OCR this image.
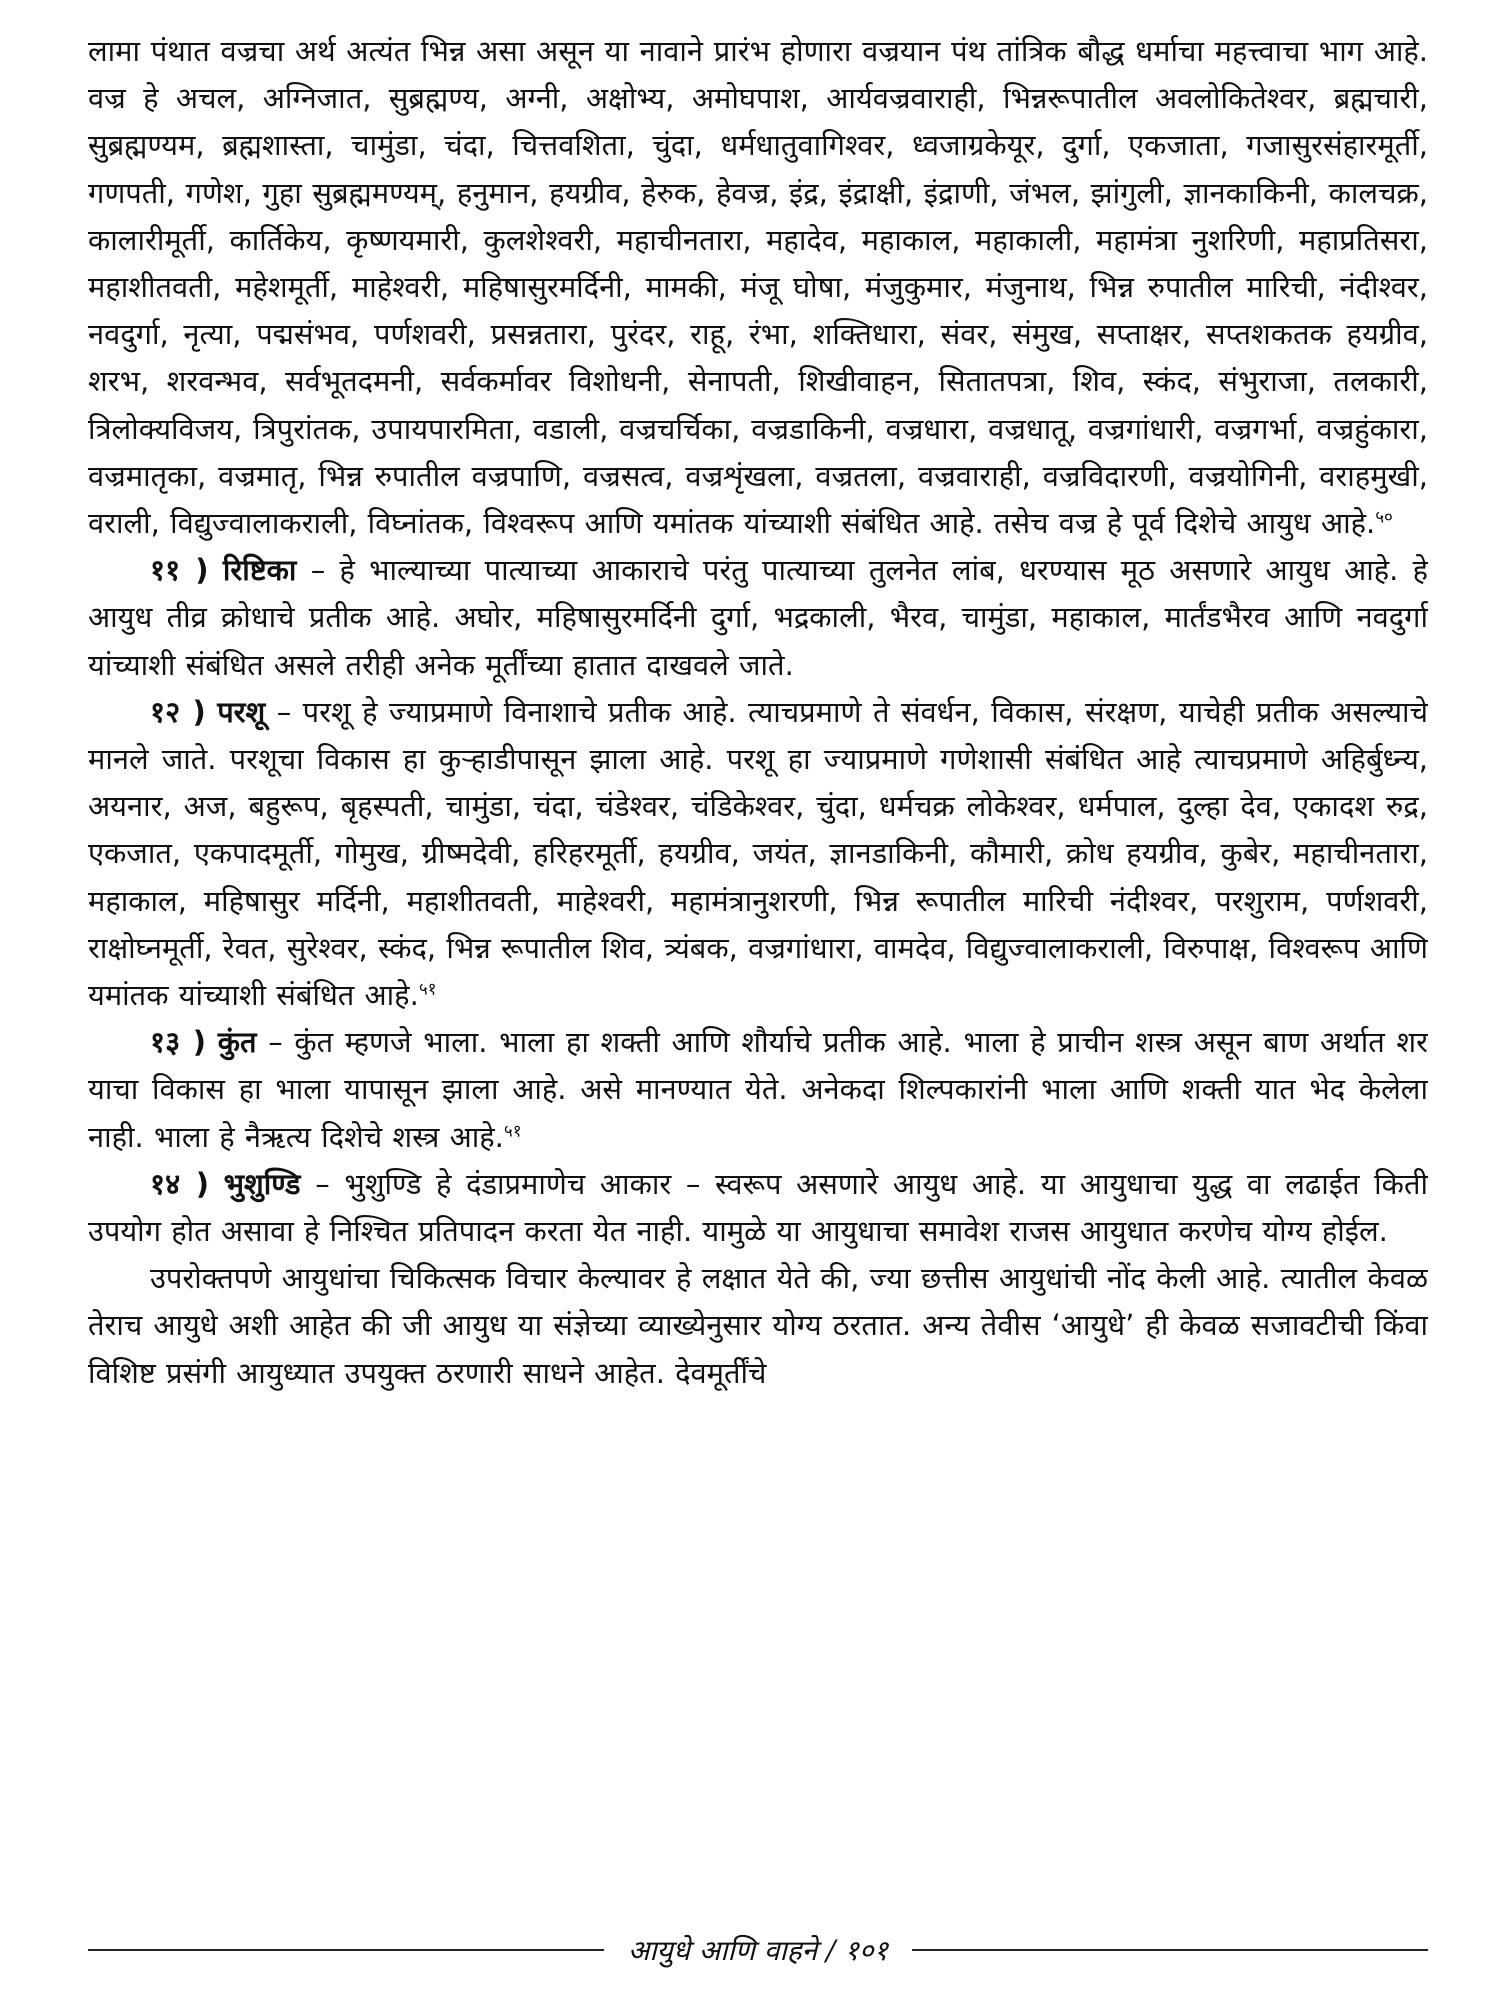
लामा पंथात वज्रचा अर्थ अत्यंत भिन्न असा असून या नावाने प्रारंभ होणारा वज्रयान पंथ तांत्रिक बौद्ध धर्माचा महत्त्वाचा भाग आहे. वज्र हे अचल, अग्निजात, सुब्रह्मण्य, अग्नी, अक्षोभ्य, अमोघपाश, आर्यवज्रवाराही, भिन्नरूपातील अवलोकितेश्वर, ब्रह्मचारी, सुब्रह्मण्यम, ब्रह्मशास्ता, चामुंडा, चंदा, चित्तवशिता, चुंदा, धर्मधातुवागिश्वर, ध्वजाग्रकेयूर, दुर्गा, एकजाता, गजासुरसंहारमूर्ती, गणपती, गणेश, गुहा सुब्रह्ममण्यम्, हनुमान, हयग्रीव, हेरुक, हेवज्र, इंद्र, इंद्राक्षी, इंद्राणी, जंभल, झांगुली, ज्ञानकाकिनी, कालचक्र, कालारीमूर्ती, कार्तिकेय, कृष्णयमारी, कुलशेश्वरी, महाचीनतारा, महादेव, महाकाल, महाकाली, महामंत्रा नुशरिणी, महाप्रतिसरा, महाशीतवती, महेशमूर्ती, माहेश्वरी, महिषासुरमर्दिनी, मामकी, मंजू घोषा, मंजुकुमार, मंजुनाथ, भिन्न रुपातील मारिची, नंदीश्वर, नवदुर्गा, नृत्या, पद्मसंभव, पर्णशवरी, प्रसन्नतारा, पुरंदर, राहू, रंभा, शक्तिधारा, संवर, संमुख, सप्ताक्षर, सप्तशकतक हयग्रीव, शरभ, शरवन्भव, सर्वभूतदमनी, सर्वकर्मावर विशोधनी, सेनापती, शिखीवाहन, सितातपत्रा, शिव, स्कंद, संभुराजा, तलकारी, त्रिलोक्यविजय, त्रिपुरांतक, उपायपारमिता, वडाली, वज्रचर्चिका, वज्रडाकिनी, वज्रधारा, वज्रधातू, वज्रगांधारी, वज्रगर्भा, वज्रहुंकारा, वज्रमातृका, वज्रमातृ, भिन्न रुपातील वज्रपाणि, वज्रसत्व, वज्रशृंखला, वज्रतला, वज्रवाराही, वज्रविदारणी, वज्रयोगिनी, वराहमुखी, वराली, विद्युज्वालाकराली, विघ्नांतक, विश्वरूप आणि यमांतक यांच्याशी संबंधित आहे. तसेच वज्र हे पूर्व दिशेचे आयुध आहे.$^{५०}$

११ ) रिष्टिका – हे भाल्याच्या पात्याच्या आकाराचे परंतु पात्याच्या तुलनेत लांब, धरण्यास मूठ असणारे आयुध आहे. हे आयुध तीव्र क्रोधाचे प्रतीक आहे. अघोर, महिषासुरमर्दिनी दुर्गा, भद्रकाली, भैरव, चामुंडा, महाकाल, मार्तंडभैरव आणि नवदुर्गा यांच्याशी संबंधित असले तरीही अनेक मूर्तींच्या हातात दाखवले जाते.

१२ ) परशू – परशू हे ज्याप्रमाणे विनाशाचे प्रतीक आहे. त्याचप्रमाणे ते संवर्धन, विकास, संरक्षण, याचेही प्रतीक असल्याचे मानले जाते. परशूचा विकास हा कुऱ्हाडीपासून झाला आहे. परशू हा ज्याप्रमाणे गणेशासी संबंधित आहे त्याचप्रमाणे अहिर्बुध्न्य, अयनार, अज, बहुरूप, बृहस्पती, चामुंडा, चंदा, चंडेश्वर, चंडिकेश्वर, चुंदा, धर्मचक्र लोकेश्वर, धर्मपाल, दुल्हा देव, एकादश रुद्र, एकजात, एकपादमूर्ती, गोमुख, ग्रीष्मदेवी, हरिहरमूर्ती, हयग्रीव, जयंत, ज्ञानडाकिनी, कौमारी, क्रोध हयग्रीव, कुबेर, महाचीनतारा, महाकाल, महिषासुर मर्दिनी, महाशीतवती, माहेश्वरी, महामंत्रानुशरणी, भिन्न रूपातील मारिची नंदीश्वर, परशुराम, पर्णशवरी, राक्षोघ्नमूर्ती, रेवत, सुरेश्वर, स्कंद, भिन्न रूपातील शिव, त्र्यंबक, वज्रगांधारा, वामदेव, विद्युज्वालाकराली, विरुपाक्ष, विश्वरूप आणि यमांतक यांच्याशी संबंधित आहे.$^{५१}$

१३ ) कुंत – कुंत म्हणजे भाला. भाला हा शक्ती आणि शौर्याचे प्रतीक आहे. भाला हे प्राचीन शस्त्र असून बाण अर्थात शर याचा विकास हा भाला यापासून झाला आहे. असे मानण्यात येते. अनेकदा शिल्पकारांनी भाला आणि शक्ती यात भेद केलेला नाही. भाला हे नैऋत्य दिशेचे शस्त्र आहे.$^{५१}$

१४ ) भुशुण्डि – भुशुण्डि हे दंडाप्रमाणेच आकार – स्वरूप असणारे आयुध आहे. या आयुधाचा युद्ध वा लढाईत किती उपयोग होत असावा हे निश्चित प्रतिपादन करता येत नाही. यामुळे या आयुधाचा समावेश राजस आयुधात करणेच योग्य होईल.

उपरोक्तपणे आयुधांचा चिकित्सक विचार केल्यावर हे लक्षात येते की, ज्या छत्तीस आयुधांची नोंद केली आहे. त्यातील केवळ तेराच आयुधे अशी आहेत की जी आयुध या संज्ञेच्या व्याख्येनुसार योग्य ठरतात. अन्य तेवीस ‘आयुधे’ ही केवळ सजावटीची किंवा विशिष्ट प्रसंगी आयुध्यात उपयुक्त ठरणारी साधने आहेत. देवमूर्तींचे

आयुधे आणि वाहने / १०१
